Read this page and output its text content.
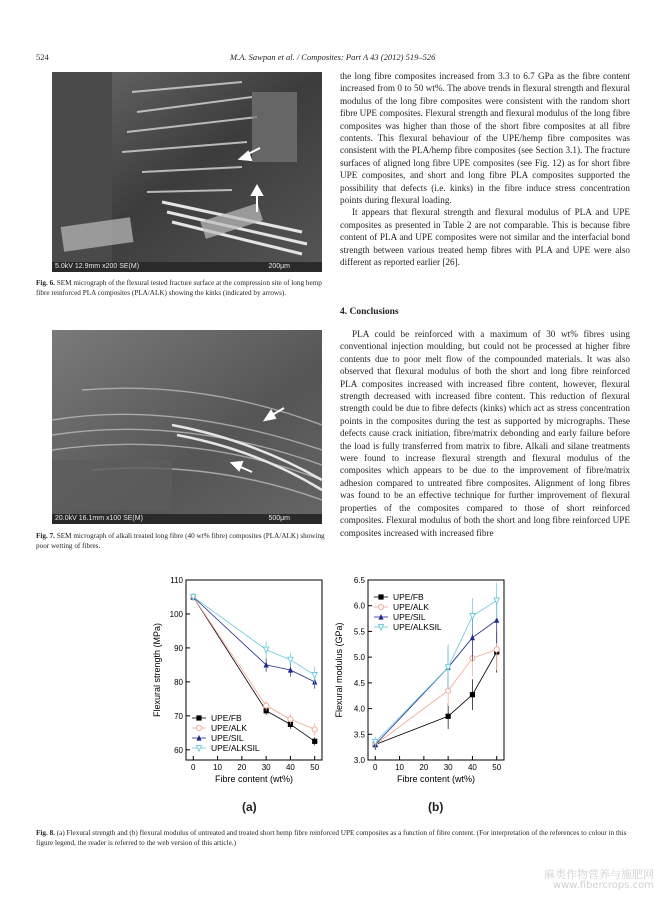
524	M.A. Sawpan et al. / Composites: Part A 43 (2012) 519–526
5.0kV 12.9mm x200 SE(M)	200μm
Fig. 6. SEM micrograph of the flexural tested fracture surface at the compression site of long hemp fibre reinforced PLA composites (PLA/ALK) showing the kinks (indicated by arrows).
20.0kV 16.1mm x100 SE(M)	500μm
Fig. 7. SEM micrograph of alkali treated long fibre (40 wt% fibre) composites (PLA/ALK) showing poor wetting of fibres.

the long fibre composites increased from 3.3 to 6.7 GPa as the fibre content increased from 0 to 50 wt%. The above trends in flexural strength and flexural modulus of the long fibre composites were consistent with the random short fibre UPE composites. Flexural strength and flexural modulus of the long fibre composites was higher than those of the short fibre composites at all fibre contents. This flexural behaviour of the UPE/hemp fibre composites was consistent with the PLA/hemp fibre composites (see Section 3.1). The fracture surfaces of aligned long fibre UPE composites (see Fig. 12) as for short fibre UPE composites, and short and long fibre PLA composites supported the possibility that defects (i.e. kinks) in the fibre induce stress concentration points during flexural loading.

It appears that flexural strength and flexural modulus of PLA and UPE composites as presented in Table 2 are not comparable. This is because fibre content of PLA and UPE composites were not similar and the interfacial bond strength between various treated hemp fibres with PLA and UPE were also different as reported earlier [26].

4. Conclusions

PLA could be reinforced with a maximum of 30 wt% fibres using conventional injection moulding, but could not be processed at higher fibre contents due to poor melt flow of the compounded materials. It was also observed that flexural modulus of both the short and long fibre reinforced PLA composites increased with increased fibre content, however, flexural strength decreased with increased fibre content. This reduction of flexural strength could be due to fibre defects (kinks) which act as stress concentration points in the composites during the test as supported by micrographs. These defects cause crack initiation, fibre/matrix debonding and early failure before the load is fully transferred from matrix to fibre. Alkali and silane treatments were found to increase flexural strength and flexural modulus of the composites which appears to be due to the improvement of fibre/matrix adhesion compared to untreated fibre composites. Alignment of long fibres was found to be an effective technique for further improvement of flexural properties of the composites compared to those of short reinforced composites. Flexural modulus of both the short and long fibre reinforced UPE composites increased with increased fibre

60
70
80
90
100
110
0 10 20 30 40 50
Fibre content (wt%)
Flexural strength (MPa)
UPE/FB
UPE/ALK
UPE/SIL
UPE/ALKSIL
(a)
3.0
3.5
4.0
4.5
5.0
5.5
6.0
6.5
0 10 20 30 40 50
Fibre content (wt%)
Flexural modulus (GPa)
UPE/FB
UPE/ALK
UPE/SIL
UPE/ALKSIL
(b)
Fig. 8. (a) Flexural strength and (b) flexural modulus of untreated and treated short hemp fibre reinforced UPE composites as a function of fibre content. (For interpretation of the references to colour in this figure legend, the reader is referred to the web version of this article.)
麻类作物营养与施肥网
www.fibercrops.com
